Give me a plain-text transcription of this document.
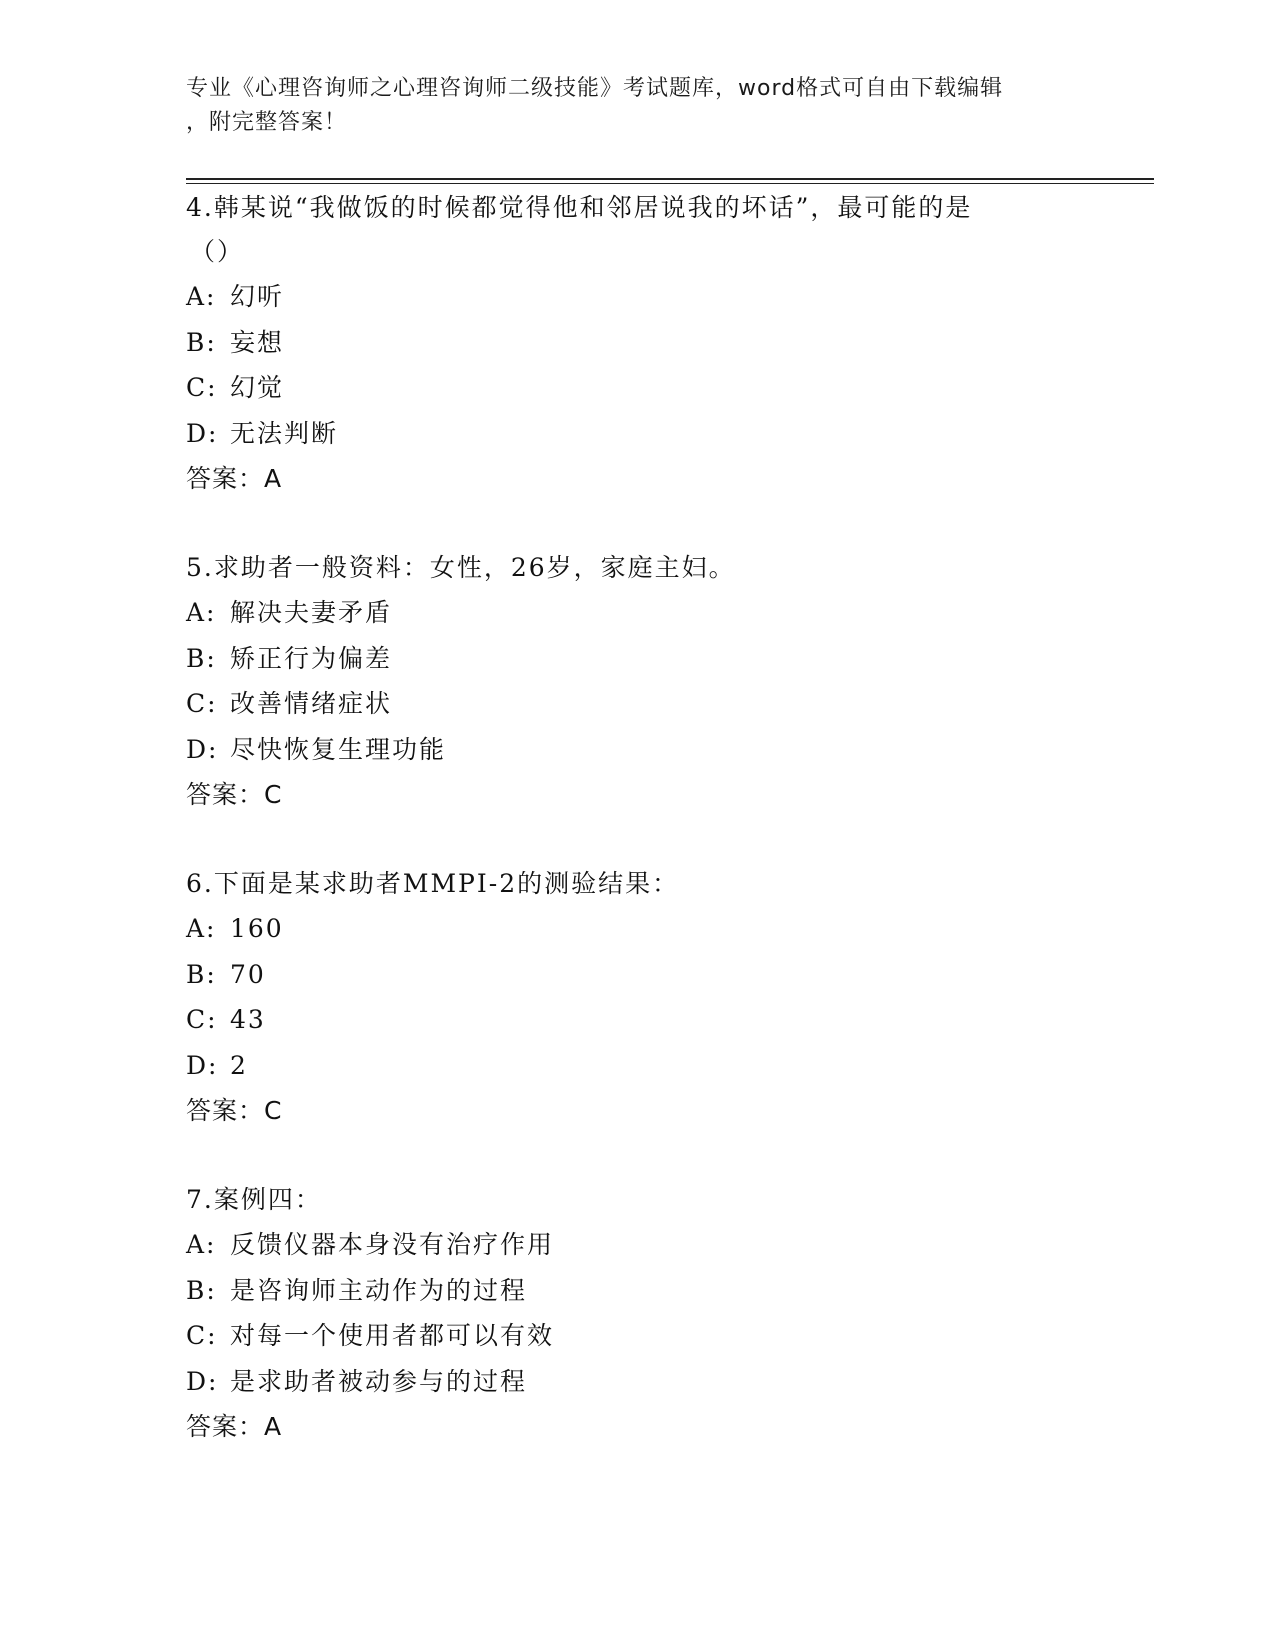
专业《心理咨询师之心理咨询师二级技能》考试题库，word格式可自由下载编辑
，附完整答案！
4.韩某说“我做饭的时候都觉得他和邻居说我的坏话”，最可能的是
（）
A: 幻听
B: 妄想
C: 幻觉
D: 无法判断
答案：A
5.求助者一般资料：女性，26岁，家庭主妇。
A: 解决夫妻矛盾
B: 矫正行为偏差
C: 改善情绪症状
D: 尽快恢复生理功能
答案：C
6.下面是某求助者MMPI-2的测验结果：
A: 160
B: 70
C: 43
D: 2
答案：C
7.案例四：
A: 反馈仪器本身没有治疗作用
B: 是咨询师主动作为的过程
C: 对每一个使用者都可以有效
D: 是求助者被动参与的过程
答案：A
